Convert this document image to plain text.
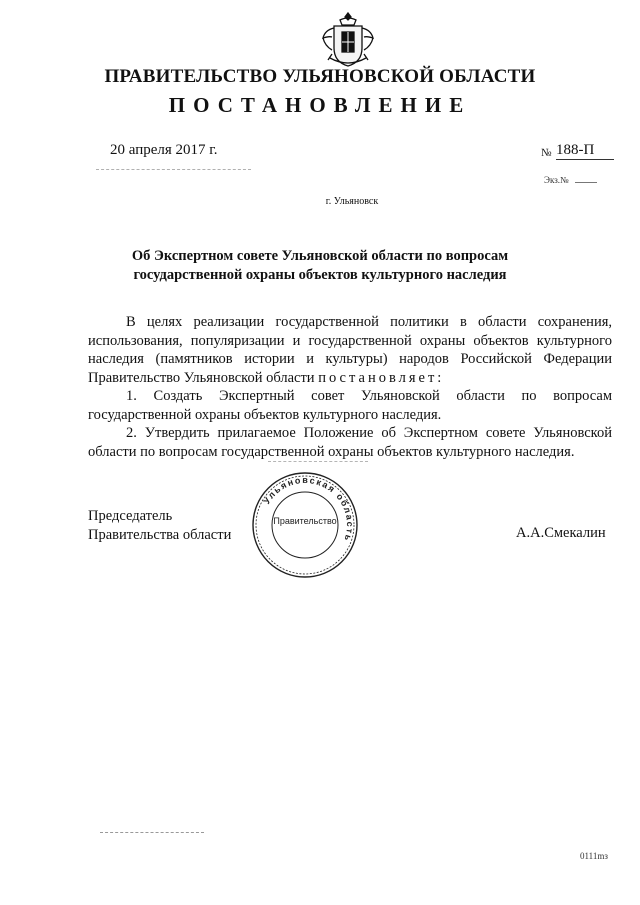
ПРАВИТЕЛЬСТВО УЛЬЯНОВСКОЙ ОБЛАСТИ
ПОСТАНОВЛЕНИЕ
20 апреля 2017 г.	№ 188-П
Экз.№
г. Ульяновск
Об Экспертном совете Ульяновской области по вопросам
государственной охраны объектов культурного наследия

В целях реализации государственной политики в области сохранения, использования, популяризации и государственной охраны объектов культурного наследия (памятников истории и культуры) народов Российской Федерации Правительство Ульяновской области постановляет:

1. Создать Экспертный совет Ульяновской области по вопросам государственной охраны объектов культурного наследия.

2. Утвердить прилагаемое Положение об Экспертном совете Ульяновской области по вопросам государственной охраны объектов культурного наследия.

Председатель
Правительства области
Ульяновская область
Правительство
А.А.Смекалин
0111mз
